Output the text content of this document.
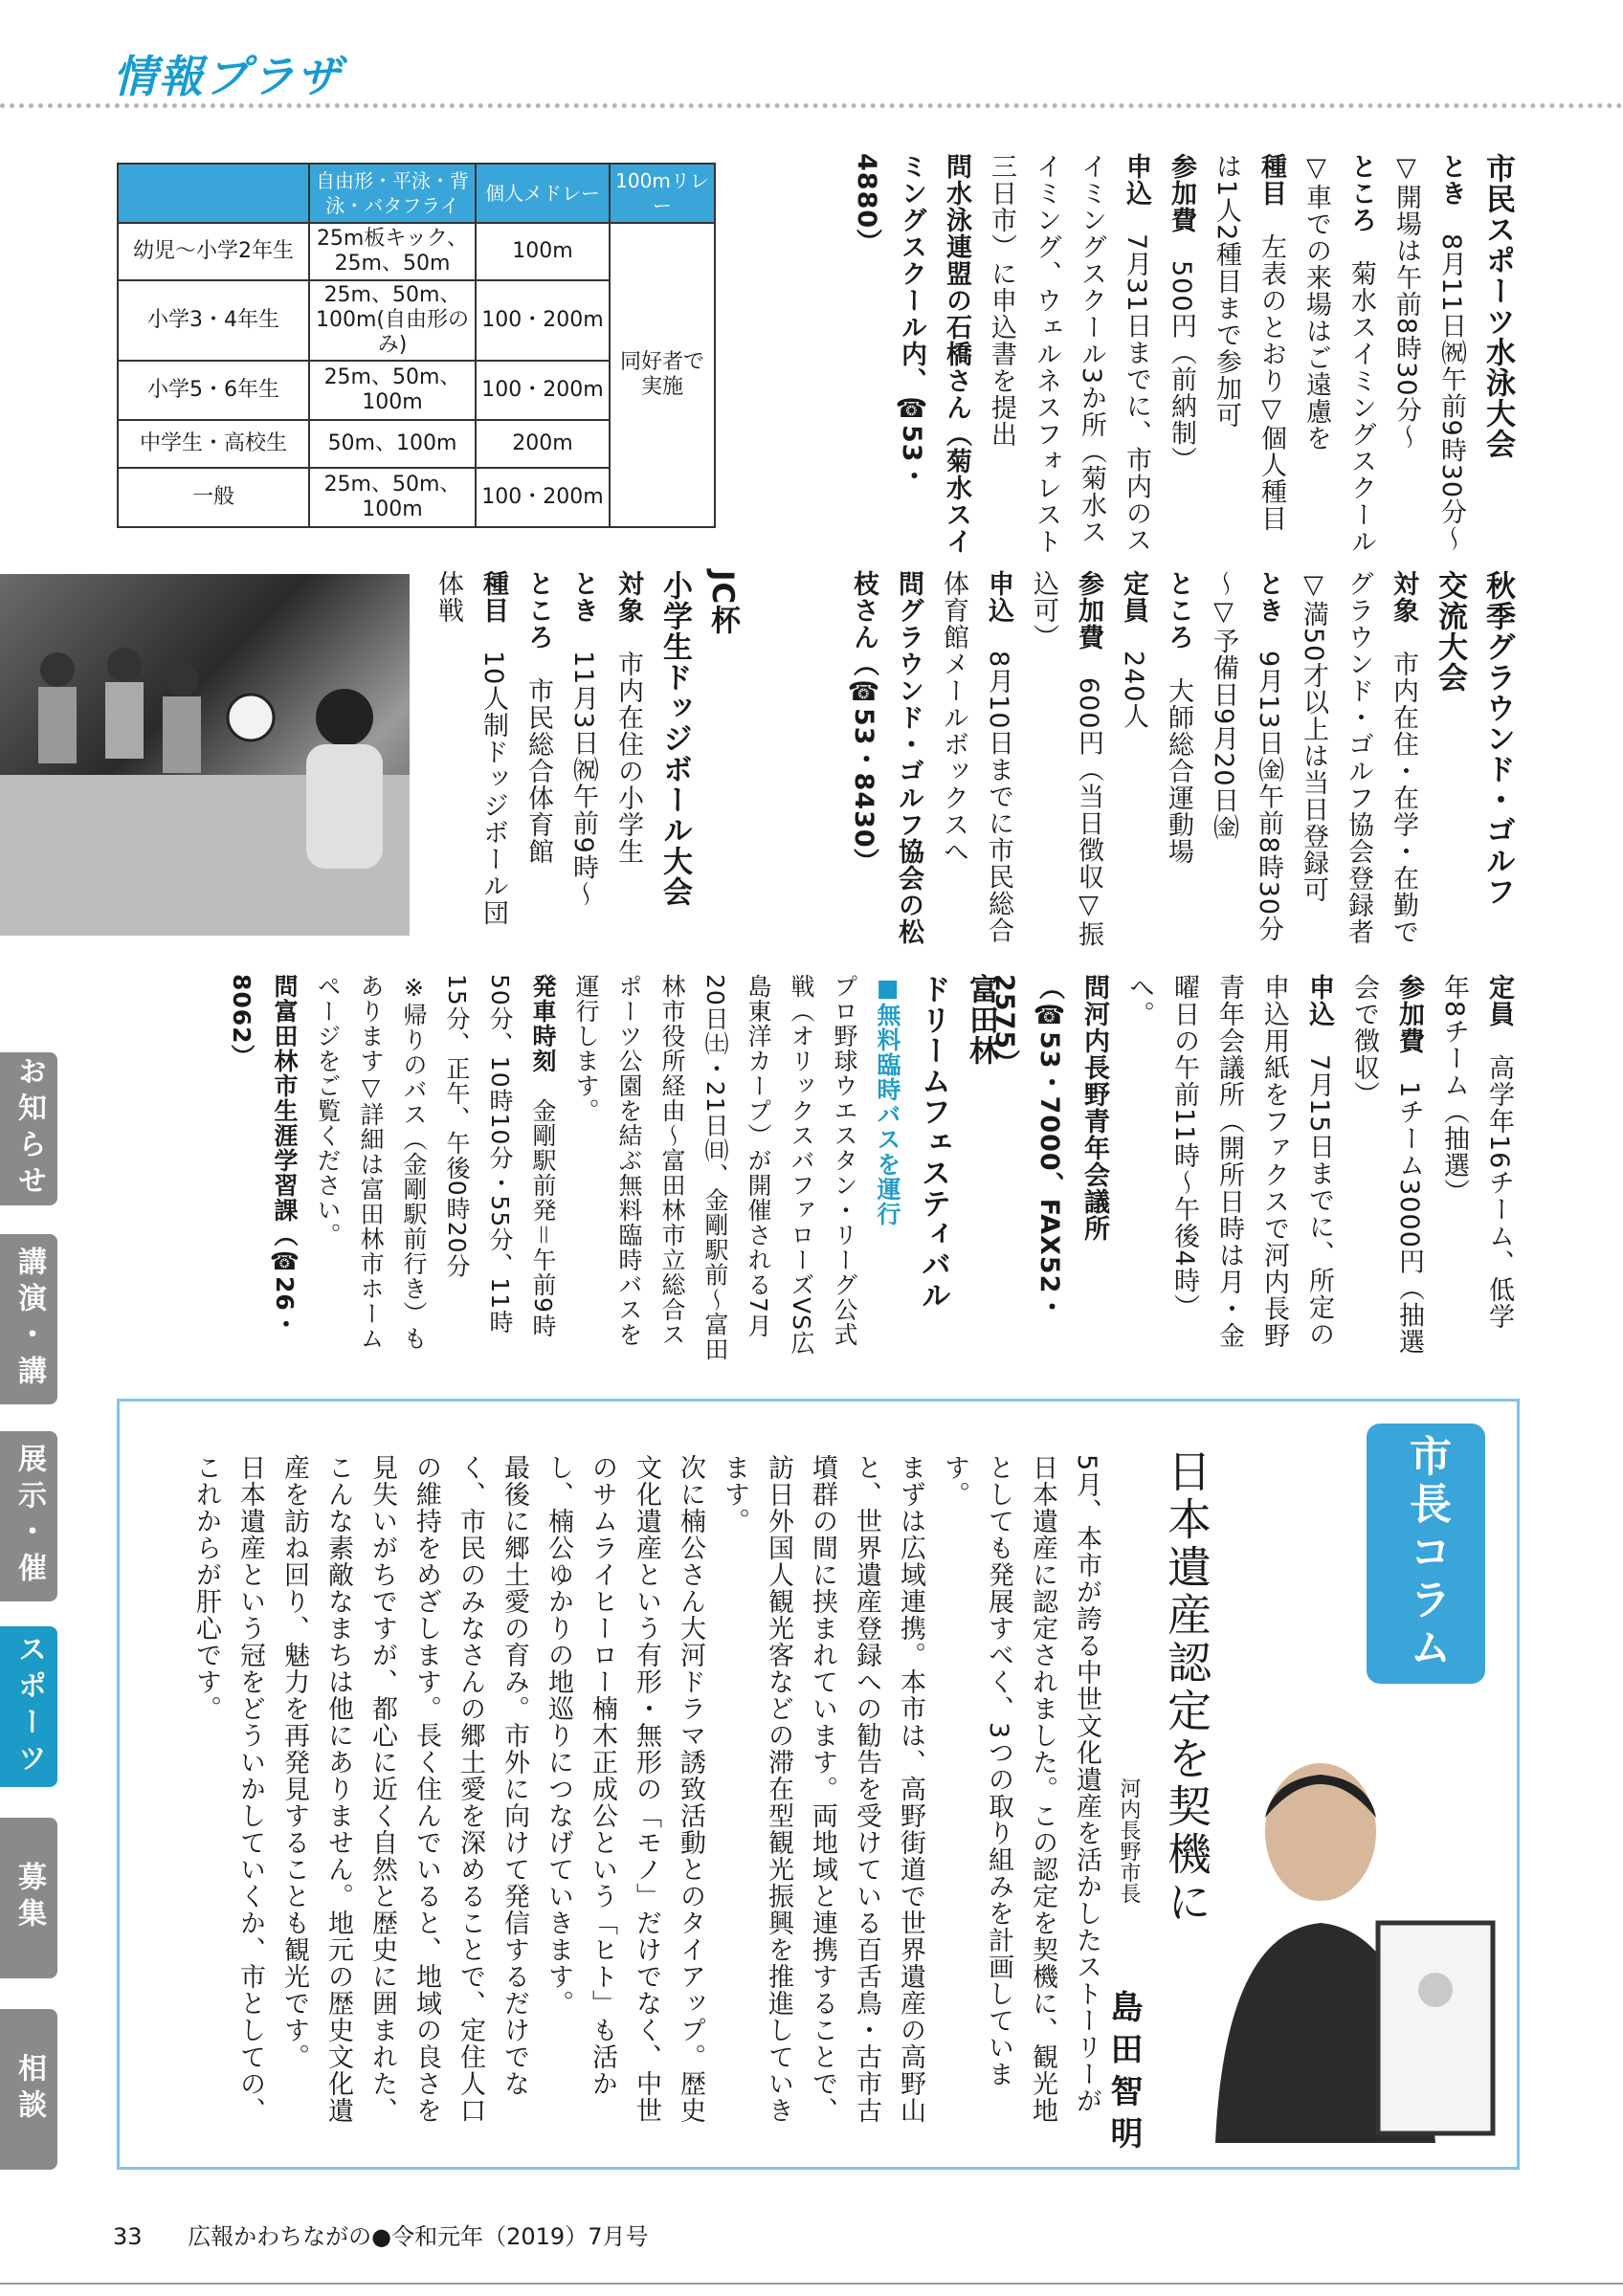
情報プラザ
	自由形・平泳・背泳・バタフライ	個人メドレー	100mリレー
幼児～小学2年生	25m板キック、25m、50m	100m	同好者で実施
小学3・4年生	25m、50m、100m(自由形のみ)	100・200m	
小学5・6年生	25m、50m、100m	100・200m	
中学生・高校生	50m、100m	200m	
一般	25m、50m、100m	100・200m	

市民スポーツ水泳大会

とき　8月11日㈷午前9時30分～▽開場は午前8時30分～

ところ　菊水スイミングスクール▽車での来場はご遠慮を

種目　左表のとおり▽個人種目は1人2種目まで参加可

参加費　500円（前納制）

申込　7月31日までに、市内のスイミングスクール3か所（菊水スイミング、ウェルネスフォレスト三日市）に申込書を提出

問水泳連盟の石橋さん（菊水スイミングスクール内、☎53・4880）

秋季グラウンド・ゴルフ

交流大会

対象　市内在住・在学・在勤でグラウンド・ゴルフ協会登録者▽満50才以上は当日登録可

とき　9月13日㈮午前8時30分～▽予備日9月20日㈮

ところ　大師総合運動場

定員　240人

参加費　600円（当日徴収▽振込可）

申込　8月10日までに市民総合体育館メールボックスへ

問グラウンド・ゴルフ協会の松枝さん（☎53・8430）

JC杯

小学生ドッジボール大会

対象　市内在住の小学生

とき　11月3日㈷午前9時～

ところ　市民総合体育館

種目　10人制ドッジボール団体戦

定員　高学年16チーム、低学年8チーム（抽選）

参加費　1チーム3000円（抽選会で徴収）

申込　7月15日までに、所定の申込用紙をファクスで河内長野青年会議所（開所日時は月・金曜日の午前11時～午後4時）へ。

問河内長野青年会議所（☎53・7000、FAX52・2575）

富田林

ドリームフェスティバル

■無料臨時バスを運行

プロ野球ウエスタン・リーグ公式戦（オリックスバファローズVS広島東洋カープ）が開催される7月20日㈯・21日㈰、金剛駅前～富田林市役所経由～富田林市立総合スポーツ公園を結ぶ無料臨時バスを運行します。

発車時刻　金剛駅前発＝午前9時50分、10時10分・55分、11時15分、正午、午後0時20分

※帰りのバス（金剛駅前行き）もあります▽詳細は富田林市ホームページをご覧ください。

問富田林市生涯学習課（☎26・8062）

市長コラム
日本遺産認定を契機に
河内長野市長
島田智明

5月、本市が誇る中世文化遺産を活かしたストーリーが日本遺産に認定されました。この認定を契機に、観光地としても発展すべく、3つの取り組みを計画しています。

まずは広域連携。本市は、高野街道で世界遺産の高野山と、世界遺産登録への勧告を受けている百舌鳥・古市古墳群の間に挟まれています。両地域と連携することで、訪日外国人観光客などの滞在型観光振興を推進していきます。

次に楠公さん大河ドラマ誘致活動とのタイアップ。歴史文化遺産という有形・無形の「モノ」だけでなく、中世のサムライヒーロー楠木正成公という「ヒト」も活かし、楠公ゆかりの地巡りにつなげていきます。

最後に郷土愛の育み。市外に向けて発信するだけでなく、市民のみなさんの郷土愛を深めることで、定住人口の維持をめざします。長く住んでいると、地域の良さを見失いがちですが、都心に近く自然と歴史に囲まれた、こんな素敵なまちは他にありません。地元の歴史文化遺産を訪ね回り、魅力を再発見することも観光です。

日本遺産という冠をどういかしていくか、市としての、これからが肝心です。

お知らせ
講演・講
展示・催
スポーツ
募集
相談
33 広報かわちながの●令和元年（2019）7月号
